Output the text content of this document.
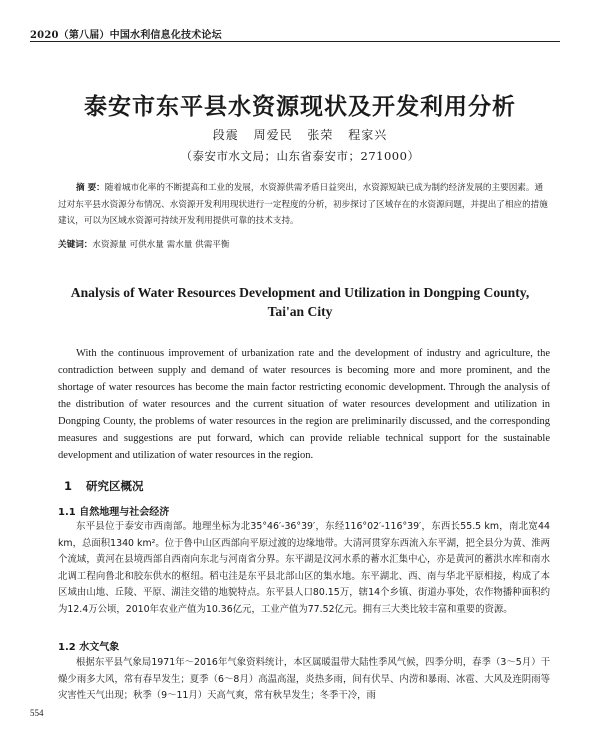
2020（第八届）中国水利信息化技术论坛
泰安市东平县水资源现状及开发利用分析
段震 周爱民 张荣 程家兴
（泰安市水文局；山东省泰安市；271000）
摘 要：随着城市化率的不断提高和工业的发展，水资源供需矛盾日益突出，水资源短缺已成为制约经济发展的主要因素。通过对东平县水资源分布情况、水资源开发利用现状进行一定程度的分析，初步探讨了区域存在的水资源问题，并提出了相应的措施建议，可以为区域水资源可持续开发利用提供可靠的技术支持。
关键词：水资源量 可供水量 需水量 供需平衡
Analysis of Water Resources Development and Utilization in Dongping County, Tai'an City
With the continuous improvement of urbanization rate and the development of industry and agriculture, the contradiction between supply and demand of water resources is becoming more and more prominent, and the shortage of water resources has become the main factor restricting economic development. Through the analysis of the distribution of water resources and the current situation of water resources development and utilization in Dongping County, the problems of water resources in the region are preliminarily discussed, and the corresponding measures and suggestions are put forward, which can provide reliable technical support for the sustainable development and utilization of water resources in the region.
1 研究区概况
1.1 自然地理与社会经济
东平县位于泰安市西南部。地理坐标为北35°46′-36°39′，东经116°02′-116°39′，东西长55.5 km，南北宽44 km，总面积1340 km²。位于鲁中山区西部向平原过渡的边缘地带。大清河贯穿东西流入东平湖，把全县分为黄、淮两个流域，黄河在县境西部自西南向东北与河南省分界。东平湖是汶河水系的蓄水汇集中心，亦是黄河的蓄洪水库和南水北调工程向鲁北和胶东供水的枢纽。稻屯洼是东平县北部山区的集水地。东平湖北、西、南与华北平原相接，构成了本区域由山地、丘陵、平原、湖洼交错的地貌特点。东平县人口80.15万，辖14个乡镇、街道办事处，农作物播种面积约为12.4万公顷，2010年农业产值为10.36亿元，工业产值为77.52亿元。拥有三大类比较丰富和重要的资源。
1.2 水文气象
根据东平县气象局1971年～2016年气象资料统计，本区属暖温带大陆性季风气候，四季分明，春季（3～5月）干燥少雨多大风，常有春旱发生；夏季（6～8月）高温高湿，炎热多雨，间有伏旱、内涝和暴雨、冰雹、大风及连阴雨等灾害性天气出现；秋季（9～11月）天高气爽，常有秋旱发生；冬季干冷，雨
554
